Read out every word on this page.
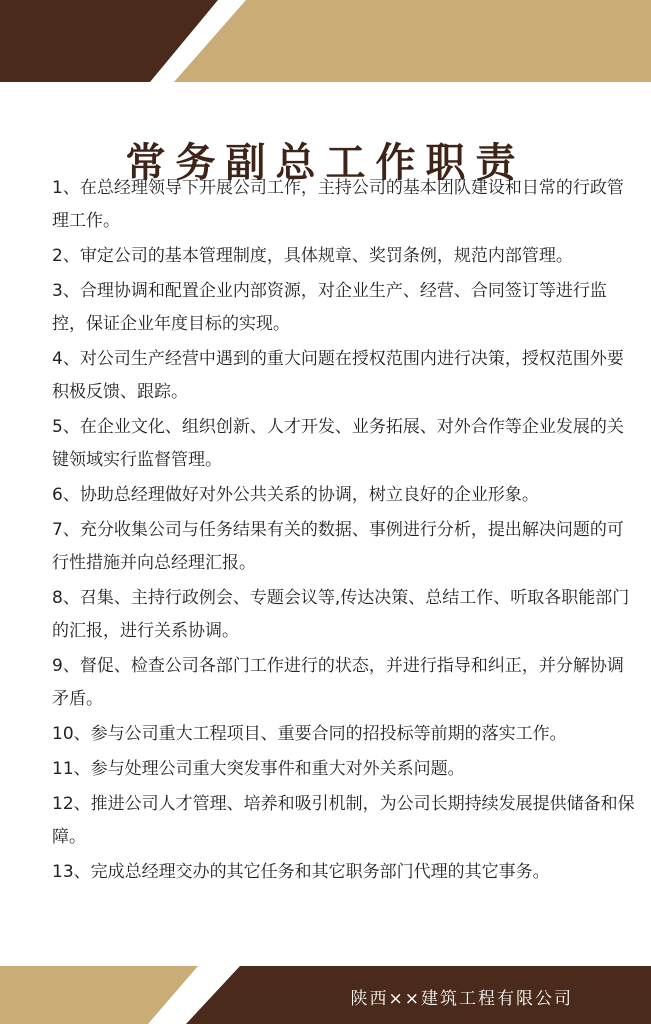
常务副总工作职责
1、在总经理领导下开展公司工作，主持公司的基本团队建设和日常的行政管理工作。
2、审定公司的基本管理制度，具体规章、奖罚条例，规范内部管理。
3、合理协调和配置企业内部资源，对企业生产、经营、合同签订等进行监控，保证企业年度目标的实现。
4、对公司生产经营中遇到的重大问题在授权范围内进行决策，授权范围外要积极反馈、跟踪。
5、在企业文化、组织创新、人才开发、业务拓展、对外合作等企业发展的关键领域实行监督管理。
6、协助总经理做好对外公共关系的协调，树立良好的企业形象。
7、充分收集公司与任务结果有关的数据、事例进行分析，提出解决问题的可行性措施并向总经理汇报。
8、召集、主持行政例会、专题会议等,传达决策、总结工作、听取各职能部门的汇报，进行关系协调。
9、督促、检查公司各部门工作进行的状态，并进行指导和纠正，并分解协调矛盾。
10、参与公司重大工程项目、重要合同的招投标等前期的落实工作。
11、参与处理公司重大突发事件和重大对外关系问题。
12、推进公司人才管理、培养和吸引机制，为公司长期持续发展提供储备和保障。
13、完成总经理交办的其它任务和其它职务部门代理的其它事务。
陕西××建筑工程有限公司
